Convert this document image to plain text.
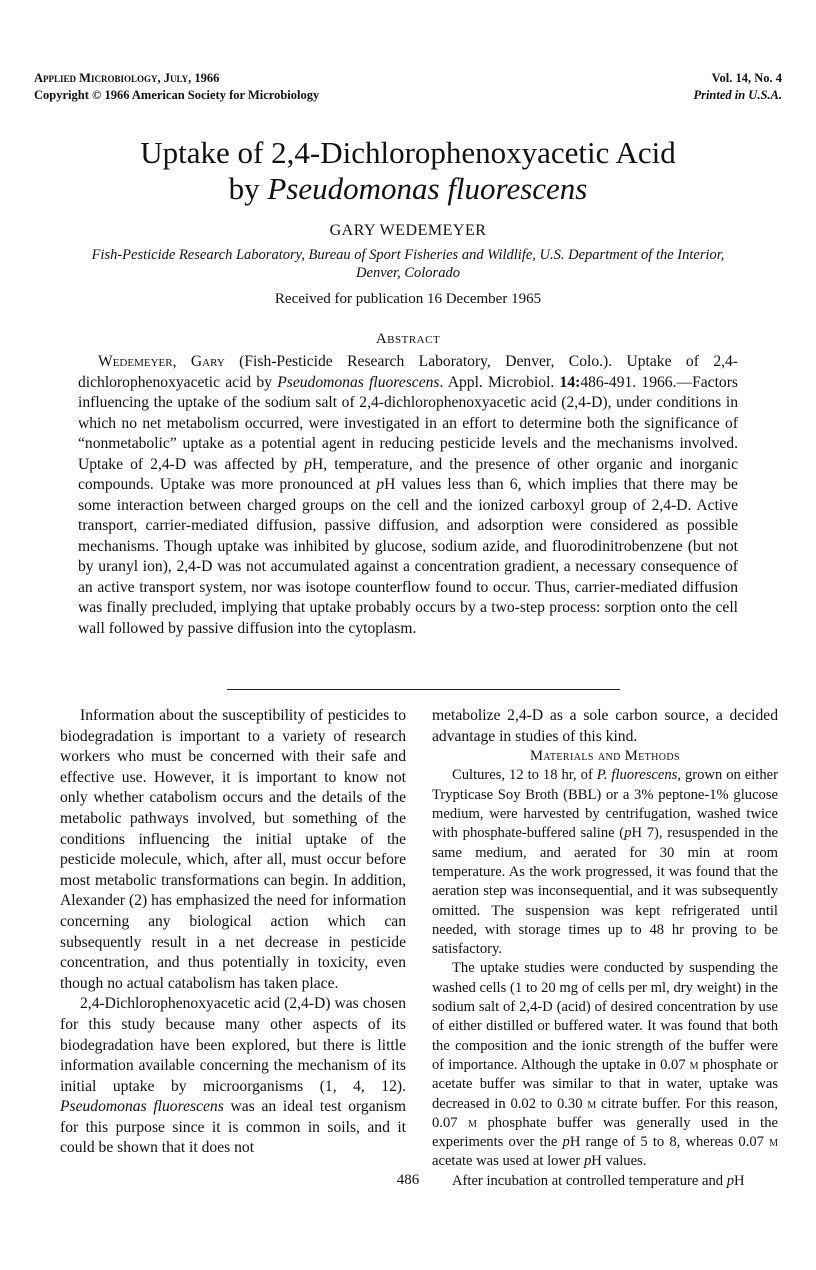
Applied Microbiology, July, 1966
Copyright © 1966 American Society for Microbiology
Vol. 14, No. 4
Printed in U.S.A.
Uptake of 2,4-Dichlorophenoxyacetic Acid
by Pseudomonas fluorescens
GARY WEDEMEYER
Fish-Pesticide Research Laboratory, Bureau of Sport Fisheries and Wildlife, U.S. Department of the Interior, Denver, Colorado
Received for publication 16 December 1965
Abstract
Wedemeyer, Gary (Fish-Pesticide Research Laboratory, Denver, Colo.). Uptake of 2,4-dichlorophenoxyacetic acid by Pseudomonas fluorescens. Appl. Microbiol. 14:486-491. 1966.—Factors influencing the uptake of the sodium salt of 2,4-dichlorophenoxyacetic acid (2,4-D), under conditions in which no net metabolism occurred, were investigated in an effort to determine both the significance of “nonmetabolic” uptake as a potential agent in reducing pesticide levels and the mechanisms involved. Uptake of 2,4-D was affected by pH, temperature, and the presence of other organic and inorganic compounds. Uptake was more pronounced at pH values less than 6, which implies that there may be some interaction between charged groups on the cell and the ionized carboxyl group of 2,4-D. Active transport, carrier-mediated diffusion, passive diffusion, and adsorption were considered as possible mechanisms. Though uptake was inhibited by glucose, sodium azide, and fluorodinitrobenzene (but not by uranyl ion), 2,4-D was not accumulated against a concentration gradient, a necessary consequence of an active transport system, nor was isotope counterflow found to occur. Thus, carrier-mediated diffusion was finally precluded, implying that uptake probably occurs by a two-step process: sorption onto the cell wall followed by passive diffusion into the cytoplasm.

Information about the susceptibility of pesticides to biodegradation is important to a variety of research workers who must be concerned with their safe and effective use. However, it is important to know not only whether catabolism occurs and the details of the metabolic pathways involved, but something of the conditions influencing the initial uptake of the pesticide molecule, which, after all, must occur before most metabolic transformations can begin. In addition, Alexander (2) has emphasized the need for information concerning any biological action which can subsequently result in a net decrease in pesticide concentration, and thus potentially in toxicity, even though no actual catabolism has taken place.

2,4-Dichlorophenoxyacetic acid (2,4-D) was chosen for this study because many other aspects of its biodegradation have been explored, but there is little information available concerning the mechanism of its initial uptake by microorganisms (1, 4, 12). Pseudomonas fluorescens was an ideal test organism for this purpose since it is common in soils, and it could be shown that it does not

metabolize 2,4-D as a sole carbon source, a decided advantage in studies of this kind.

Materials and Methods

Cultures, 12 to 18 hr, of P. fluorescens, grown on either Trypticase Soy Broth (BBL) or a 3% peptone-1% glucose medium, were harvested by centrifugation, washed twice with phosphate-buffered saline (pH 7), resuspended in the same medium, and aerated for 30 min at room temperature. As the work progressed, it was found that the aeration step was inconsequential, and it was subsequently omitted. The suspension was kept refrigerated until needed, with storage times up to 48 hr proving to be satisfactory.

The uptake studies were conducted by suspending the washed cells (1 to 20 mg of cells per ml, dry weight) in the sodium salt of 2,4-D (acid) of desired concentration by use of either distilled or buffered water. It was found that both the composition and the ionic strength of the buffer were of importance. Although the uptake in 0.07 m phosphate or acetate buffer was similar to that in water, uptake was decreased in 0.02 to 0.30 m citrate buffer. For this reason, 0.07 m phosphate buffer was generally used in the experiments over the pH range of 5 to 8, whereas 0.07 m acetate was used at lower pH values.

After incubation at controlled temperature and pH

486
